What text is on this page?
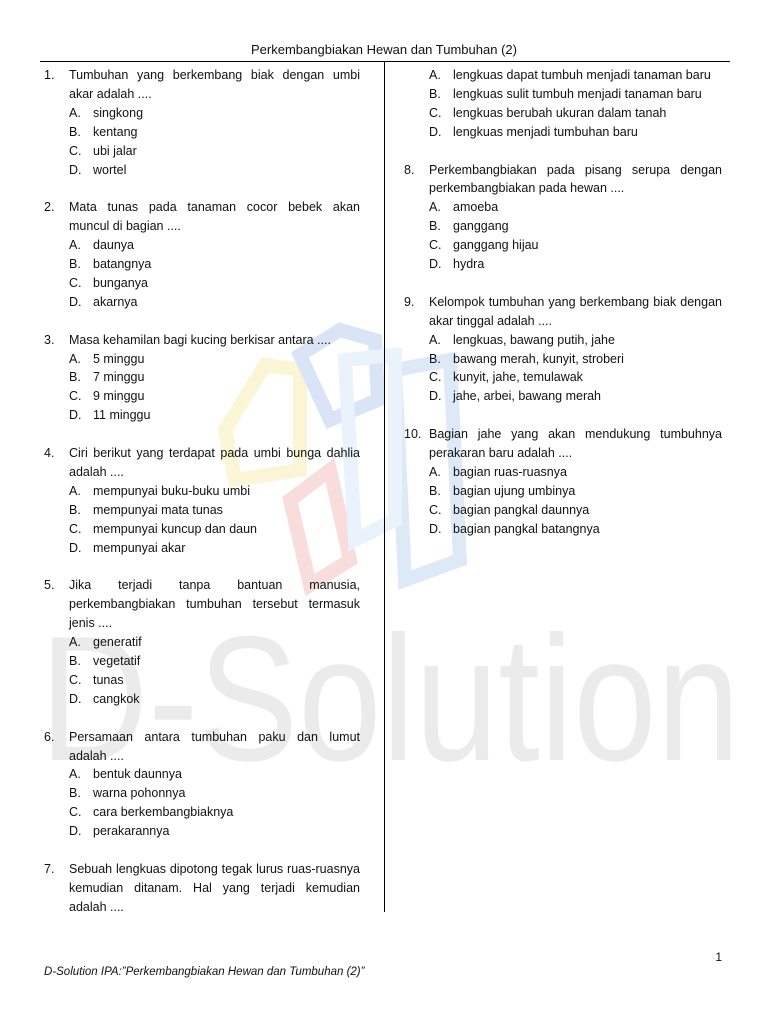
D-Solution
Perkembangbiakan Hewan dan Tumbuhan (2)
1.	Tumbuhan yang berkembang biak dengan umbi akar adalah ....
A. singkong
B. kentang
C. ubi jalar
D. wortel
2.	Mata tunas pada tanaman cocor bebek akan muncul di bagian ....
A. daunya
B. batangnya
C. bunganya
D. akarnya
3.	Masa kehamilan bagi kucing berkisar antara ....
A. 5 minggu
B. 7 minggu
C. 9 minggu
D. 11 minggu
4.	Ciri berikut yang terdapat pada umbi bunga dahlia adalah ....
A. mempunyai buku-buku umbi
B. mempunyai mata tunas
C. mempunyai kuncup dan daun
D. mempunyai akar
5.	Jika terjadi tanpa bantuan manusia, perkembangbiakan tumbuhan tersebut termasuk jenis ....
A. generatif
B. vegetatif
C. tunas
D. cangkok
6.	Persamaan antara tumbuhan paku dan lumut adalah ....
A. bentuk daunnya
B. warna pohonnya
C. cara berkembangbiaknya
D. perakarannya
7.	Sebuah lengkuas dipotong tegak lurus ruas-ruasnya kemudian ditanam. Hal yang terjadi kemudian adalah ....
A. lengkuas dapat tumbuh menjadi tanaman baru
B. lengkuas sulit tumbuh menjadi tanaman baru
C. lengkuas berubah ukuran dalam tanah
D. lengkuas menjadi tumbuhan baru
8.	Perkembangbiakan pada pisang serupa dengan perkembangbiakan pada hewan ....
A. amoeba
B. ganggang
C. ganggang hijau
D. hydra
9.	Kelompok tumbuhan yang berkembang biak dengan akar tinggal adalah ....
A. lengkuas, bawang putih, jahe
B. bawang merah, kunyit, stroberi
C. kunyit, jahe, temulawak
D. jahe, arbei, bawang merah
10. Bagian jahe yang akan mendukung tumbuhnya perakaran baru adalah ....
A. bagian ruas-ruasnya
B. bagian ujung umbinya
C. bagian pangkal daunnya
D. bagian pangkal batangnya
1
D-Solution IPA:”Perkembangbiakan Hewan dan Tumbuhan (2)”
